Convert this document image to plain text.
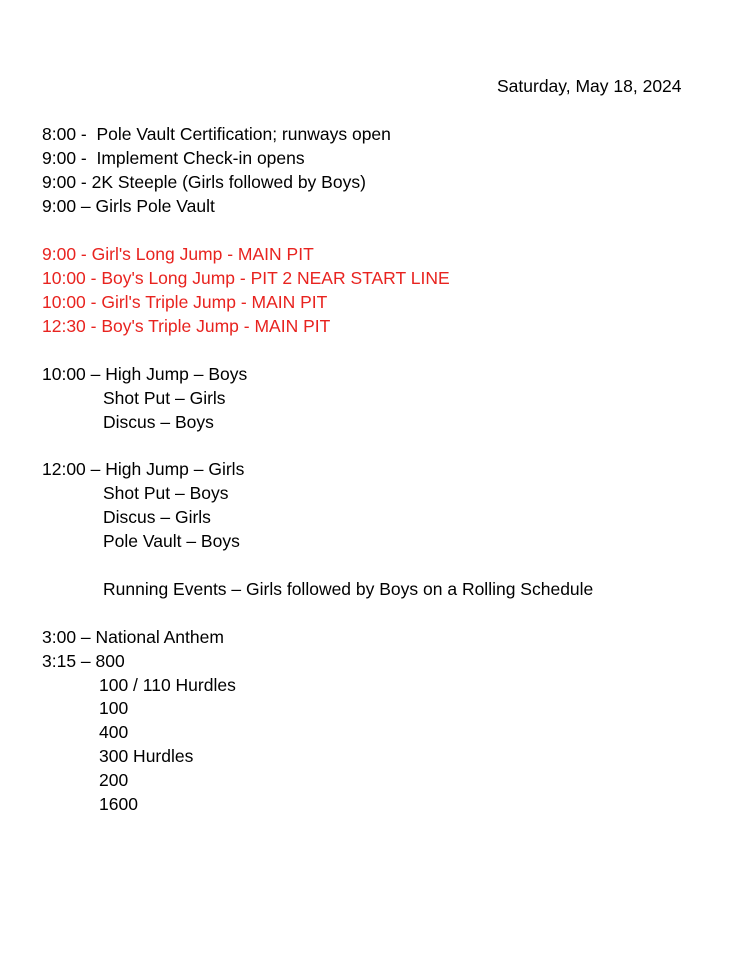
Saturday, May 18, 2024
8:00 -  Pole Vault Certification; runways open
9:00 -  Implement Check-in opens
9:00 - 2K Steeple (Girls followed by Boys)
9:00 – Girls Pole Vault
9:00 - Girl's Long Jump - MAIN PIT
10:00 - Boy's Long Jump - PIT 2 NEAR START LINE
10:00 - Girl's Triple Jump - MAIN PIT
12:30 - Boy's Triple Jump - MAIN PIT
10:00 – High Jump – Boys
Shot Put – Girls
Discus – Boys
12:00 – High Jump – Girls
Shot Put – Boys
Discus – Girls
Pole Vault – Boys
Running Events – Girls followed by Boys on a Rolling Schedule
3:00 – National Anthem
3:15 – 800
100 / 110 Hurdles
100
400
300 Hurdles
200
1600
